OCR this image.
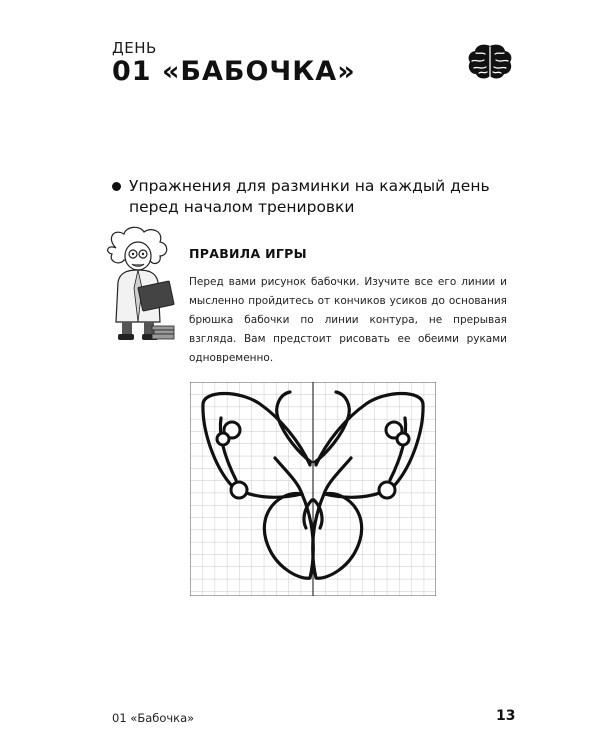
ДЕНЬ
01 «БАБОЧКА»
Упражнения для разминки на каждый день перед началом тренировки
ПРАВИЛА ИГРЫ
Перед вами рисунок бабочки. Изучите все его линии и мысленно пройдитесь от кончиков усиков до основания брюшка бабочки по линии контура, не прерывая взгляда. Вам предстоит рисовать ее обеими руками одновременно.
01 «Бабочка»	13
